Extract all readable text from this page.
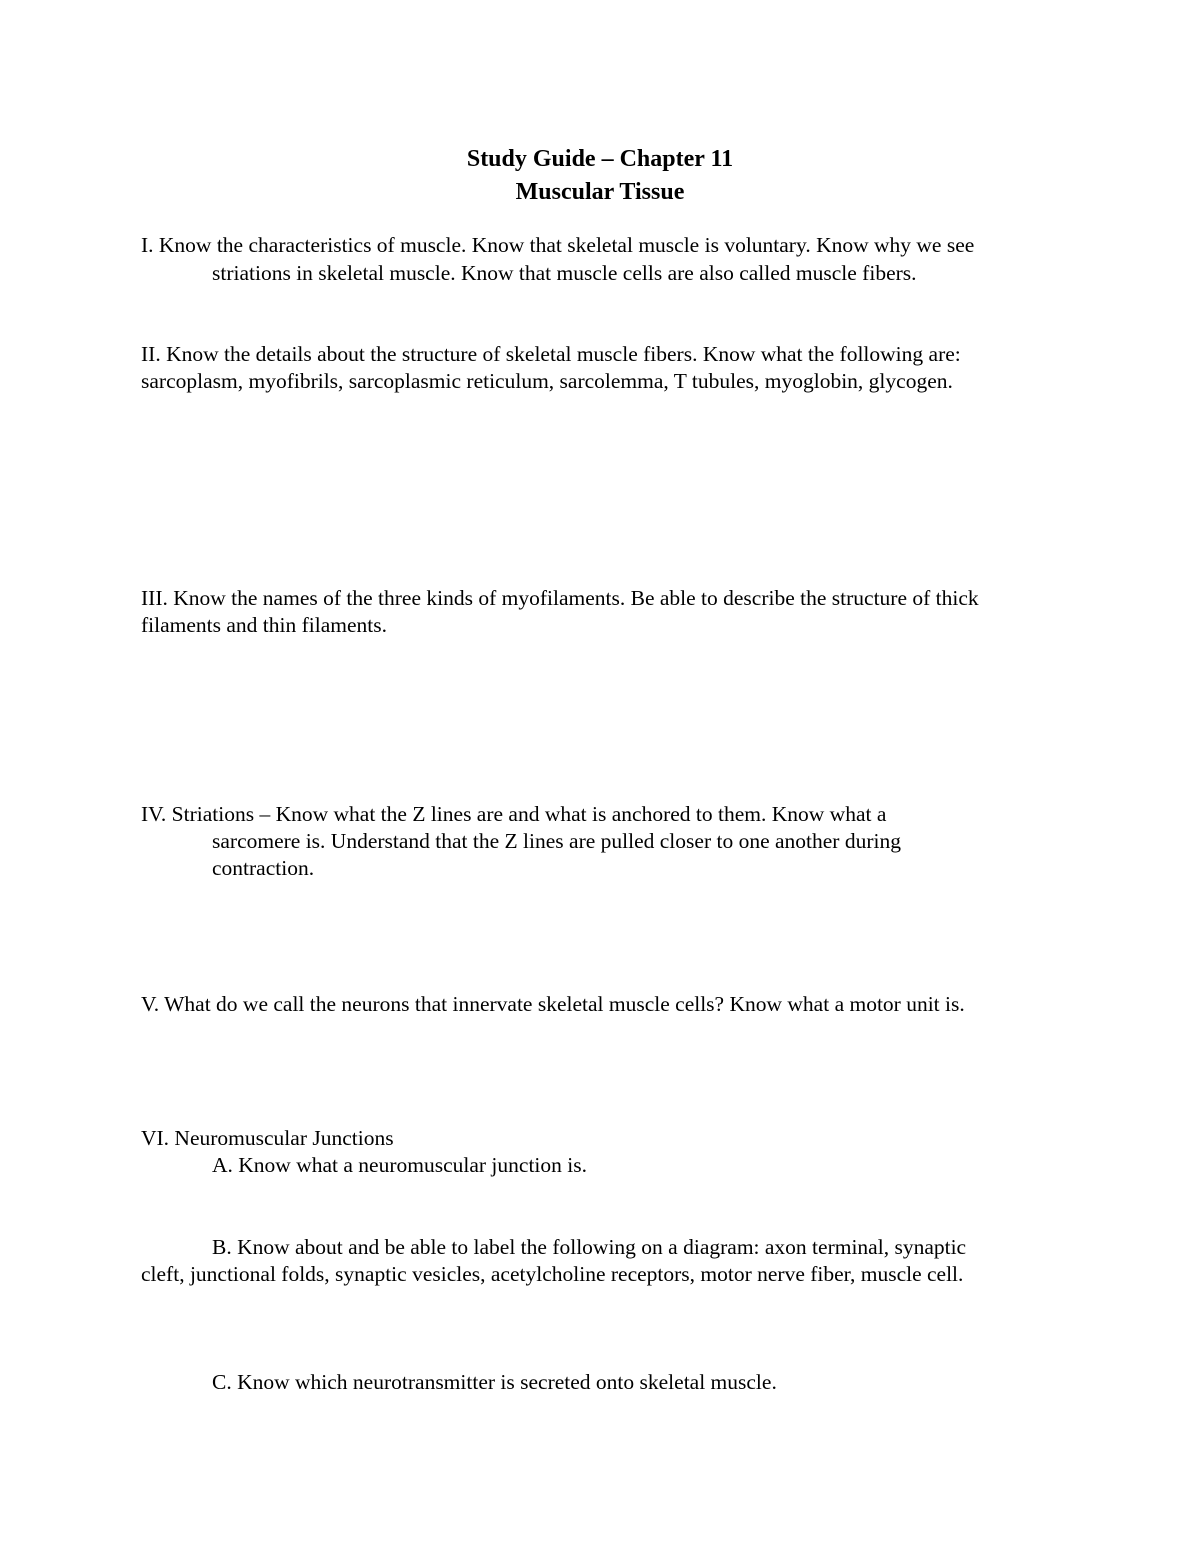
Study Guide – Chapter 11
Muscular Tissue
I. Know the characteristics of muscle. Know that skeletal muscle is voluntary. Know why we see
striations in skeletal muscle. Know that muscle cells are also called muscle fibers.
II. Know the details about the structure of skeletal muscle fibers. Know what the following are:
sarcoplasm, myofibrils, sarcoplasmic reticulum, sarcolemma, T tubules, myoglobin, glycogen.
III. Know the names of the three kinds of myofilaments. Be able to describe the structure of thick
filaments and thin filaments.
IV. Striations – Know what the Z lines are and what is anchored to them. Know what a
sarcomere is. Understand that the Z lines are pulled closer to one another during
contraction.
V. What do we call the neurons that innervate skeletal muscle cells? Know what a motor unit is.
VI. Neuromuscular Junctions
A. Know what a neuromuscular junction is.
B. Know about and be able to label the following on a diagram: axon terminal, synaptic
cleft, junctional folds, synaptic vesicles, acetylcholine receptors, motor nerve fiber, muscle cell.
C. Know which neurotransmitter is secreted onto skeletal muscle.
